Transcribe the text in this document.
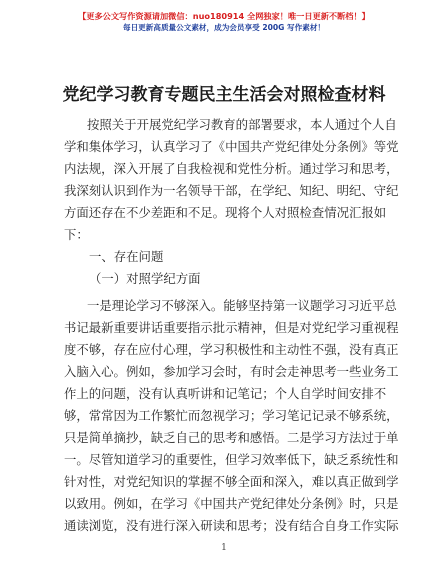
【更多公文写作资源请加微信：nuo180914 全网独家！唯一日更新不断档！】
每日更新高质量公文素材，成为会员享受 200G 写作素材！
党纪学习教育专题民主生活会对照检查材料
按照关于开展党纪学习教育的部署要求，本人通过个人自
学和集体学习，认真学习了《中国共产党纪律处分条例》等党
内法规，深入开展了自我检视和党性分析。通过学习和思考，
我深刻认识到作为一名领导干部，在学纪、知纪、明纪、守纪
方面还存在不少差距和不足。现将个人对照检查情况汇报如
下：
一、存在问题
（一）对照学纪方面
一是理论学习不够深入。能够坚持第一议题学习习近平总
书记最新重要讲话重要指示批示精神，但是对党纪学习重视程
度不够，存在应付心理，学习积极性和主动性不强，没有真正
入脑入心。例如，参加学习会时，有时会走神思考一些业务工
作上的问题，没有认真听讲和记笔记；个人自学时间安排不
够，常常因为工作繁忙而忽视学习；学习笔记记录不够系统，
只是简单摘抄，缺乏自己的思考和感悟。二是学习方法过于单
一。尽管知道学习的重要性，但学习效率低下，缺乏系统性和
针对性，对党纪知识的掌握不够全面和深入，难以真正做到学
以致用。例如，在学习《中国共产党纪律处分条例》时，只是
通读浏览，没有进行深入研读和思考；没有结合自身工作实际
1
